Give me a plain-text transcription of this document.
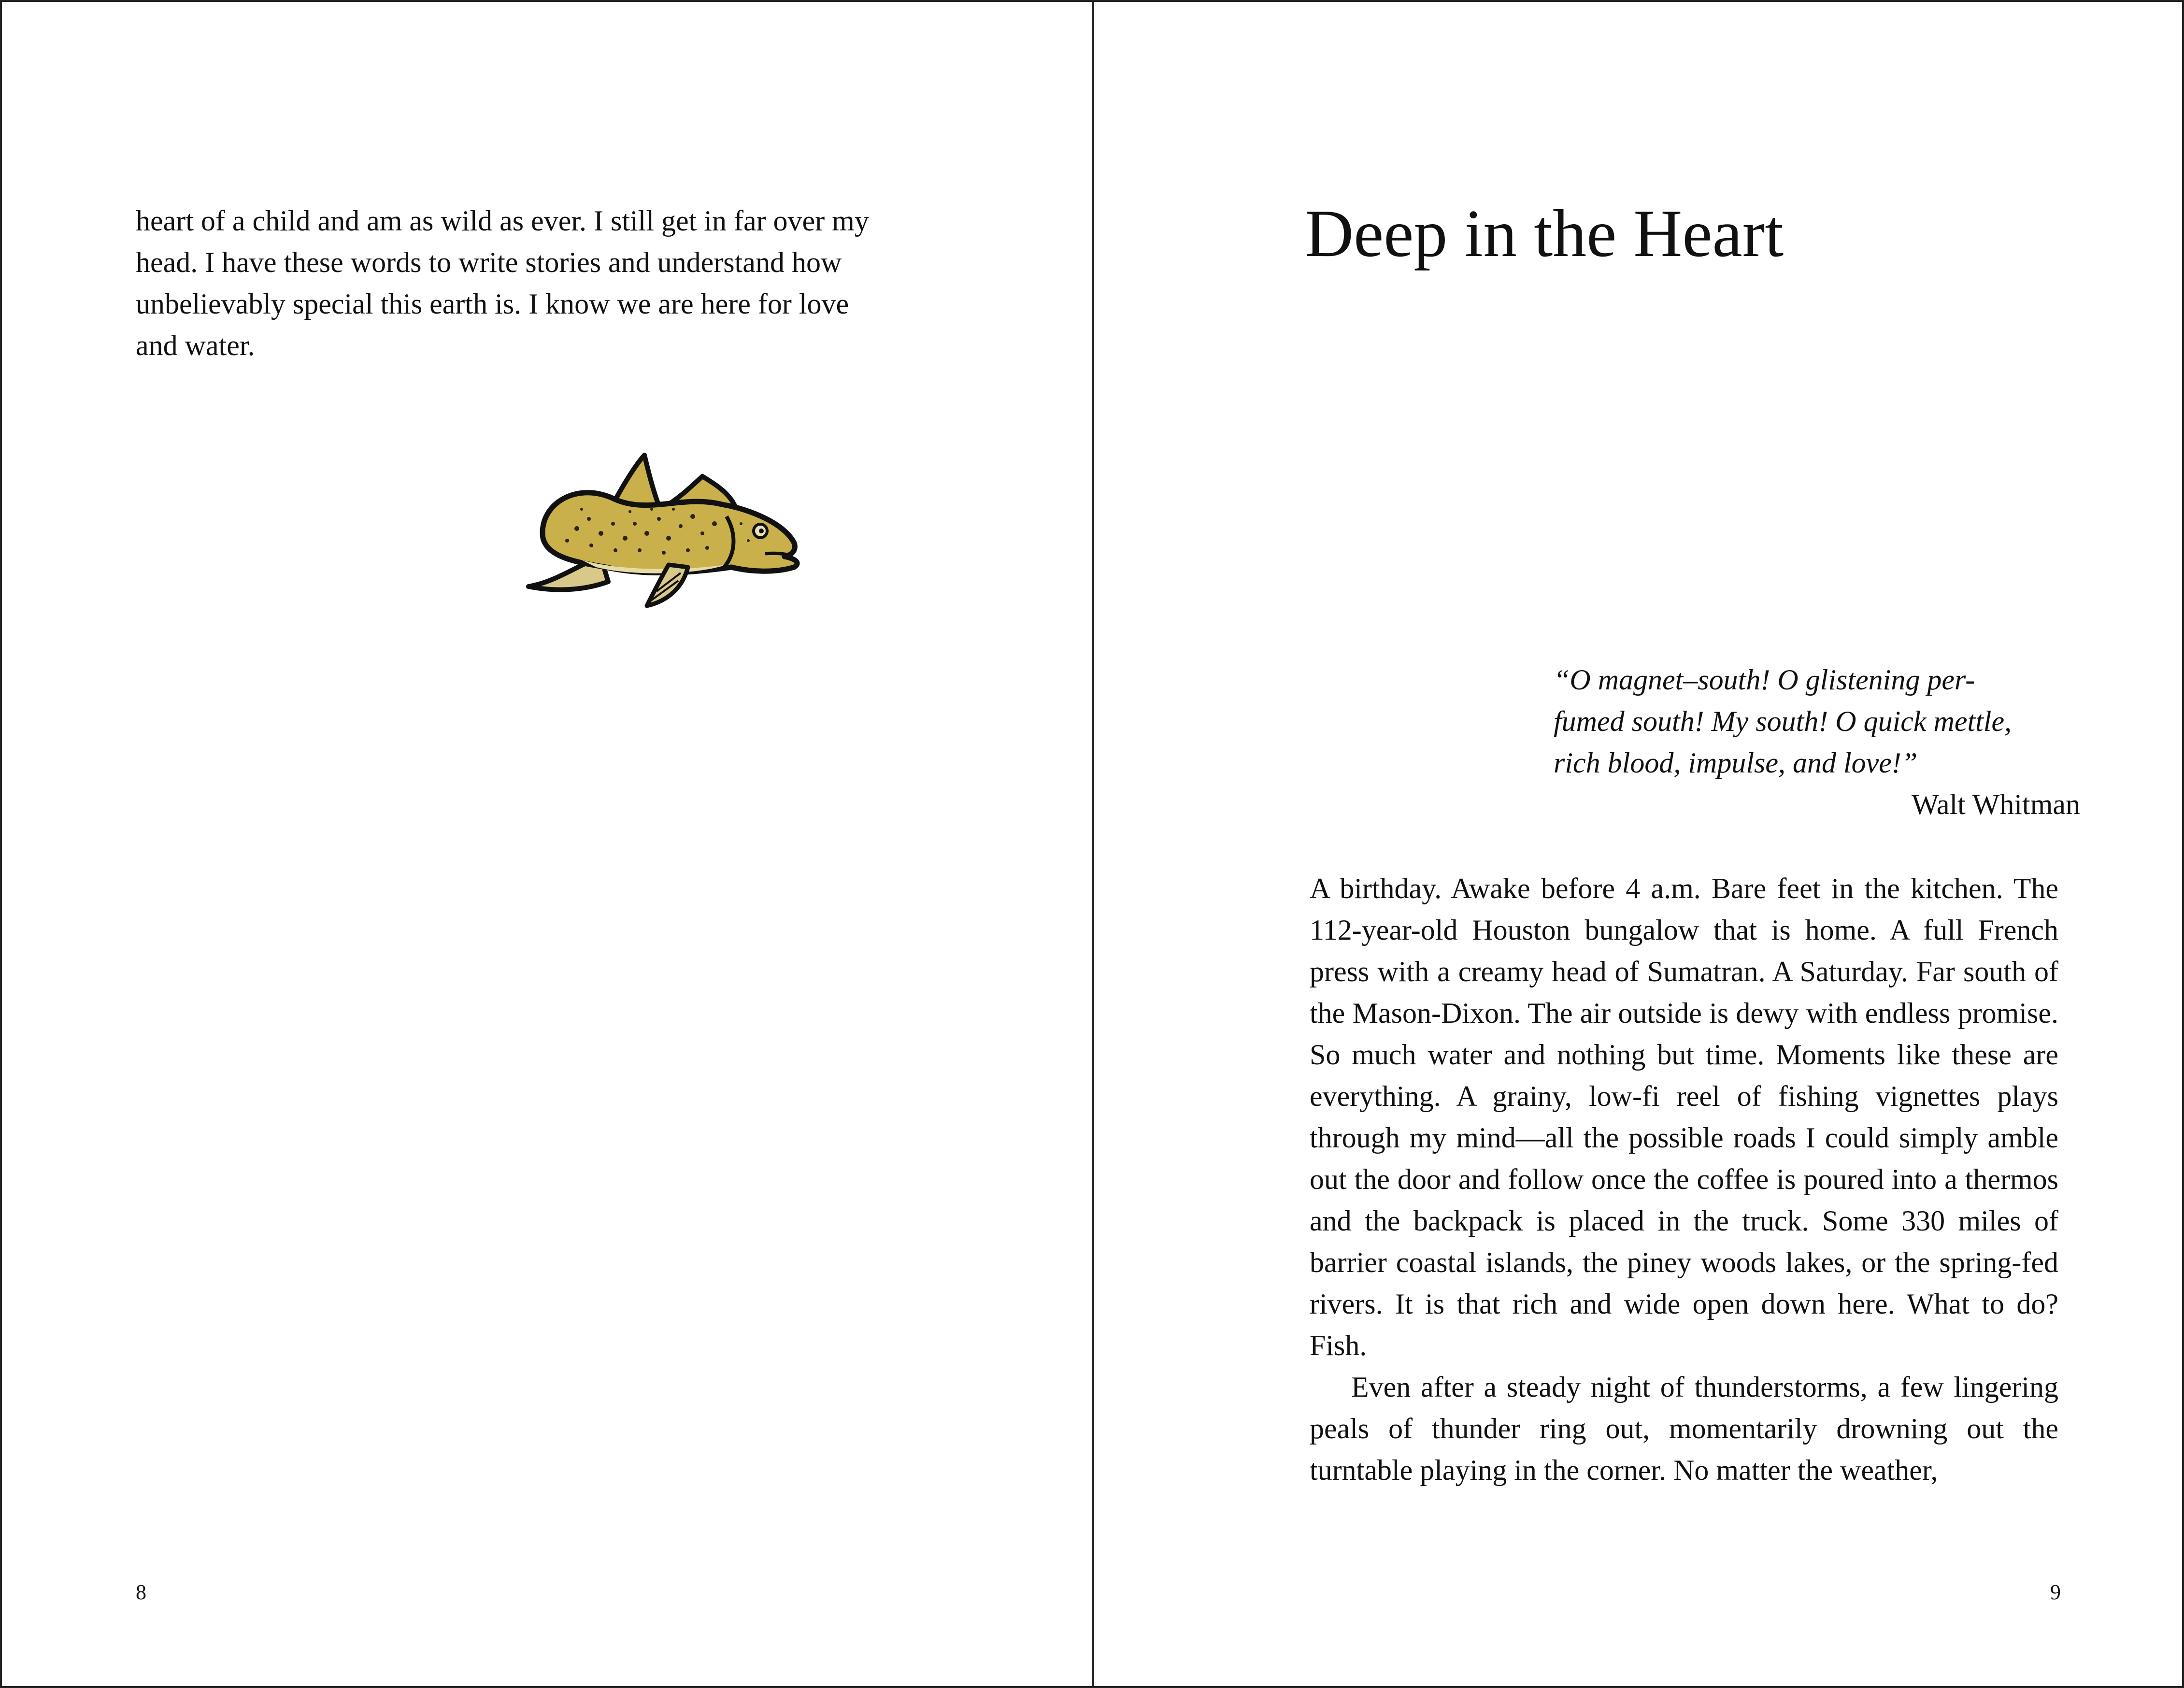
heart of a child and am as wild as ever. I still get in far over my head. I have these words to write stories and understand how unbelievably special this earth is. I know we are here for love and water.

8
Deep in the Heart

“O magnet–south! O glistening per-
fumed south! My south! O quick mettle,
rich blood, impulse, and love!”

Walt Whitman

A birthday. Awake before 4 a.m. Bare feet in the kitchen. The 112-year-old Houston bungalow that is home. A full French press with a creamy head of Sumatran. A Saturday. Far south of the Mason-Dixon. The air outside is dewy with endless promise. So much water and nothing but time. Moments like these are everything. A grainy, low-fi reel of fishing vignettes plays through my mind—all the possible roads I could simply amble out the door and follow once the coffee is poured into a thermos and the backpack is placed in the truck. Some 330 miles of barrier coastal islands, the piney woods lakes, or the spring-fed rivers. It is that rich and wide open down here. What to do? Fish.

Even after a steady night of thunderstorms, a few lingering peals of thunder ring out, momentarily drowning out the turntable playing in the corner. No matter the weather,

9
